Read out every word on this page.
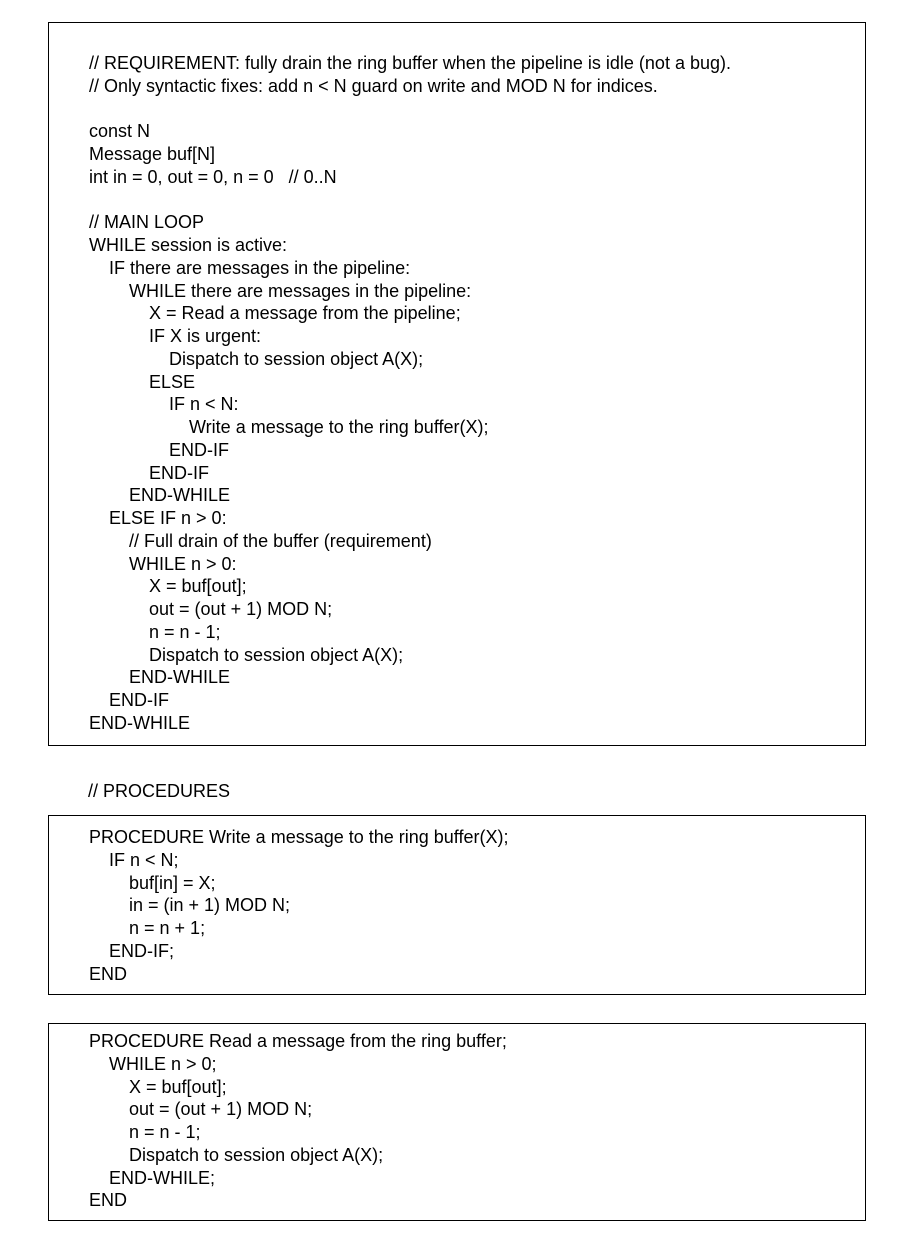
// REQUIREMENT: fully drain the ring buffer when the pipeline is idle (not a bug).
// Only syntactic fixes: add n < N guard on write and MOD N for indices.
const N
Message buf[N]
int in = 0, out = 0, n = 0   // 0..N
// MAIN LOOP
WHILE session is active:
IF there are messages in the pipeline:
WHILE there are messages in the pipeline:
X = Read a message from the pipeline;
IF X is urgent:
Dispatch to session object A(X);
ELSE
IF n < N:
Write a message to the ring buffer(X);
END-IF
END-IF
END-WHILE
ELSE IF n > 0:
// Full drain of the buffer (requirement)
WHILE n > 0:
X = buf[out];
out = (out + 1) MOD N;
n = n - 1;
Dispatch to session object A(X);
END-WHILE
END-IF
END-WHILE
// PROCEDURES
PROCEDURE Write a message to the ring buffer(X);
IF n < N;
buf[in] = X;
in = (in + 1) MOD N;
n = n + 1;
END-IF;
END
PROCEDURE Read a message from the ring buffer;
WHILE n > 0;
X = buf[out];
out = (out + 1) MOD N;
n = n - 1;
Dispatch to session object A(X);
END-WHILE;
END
